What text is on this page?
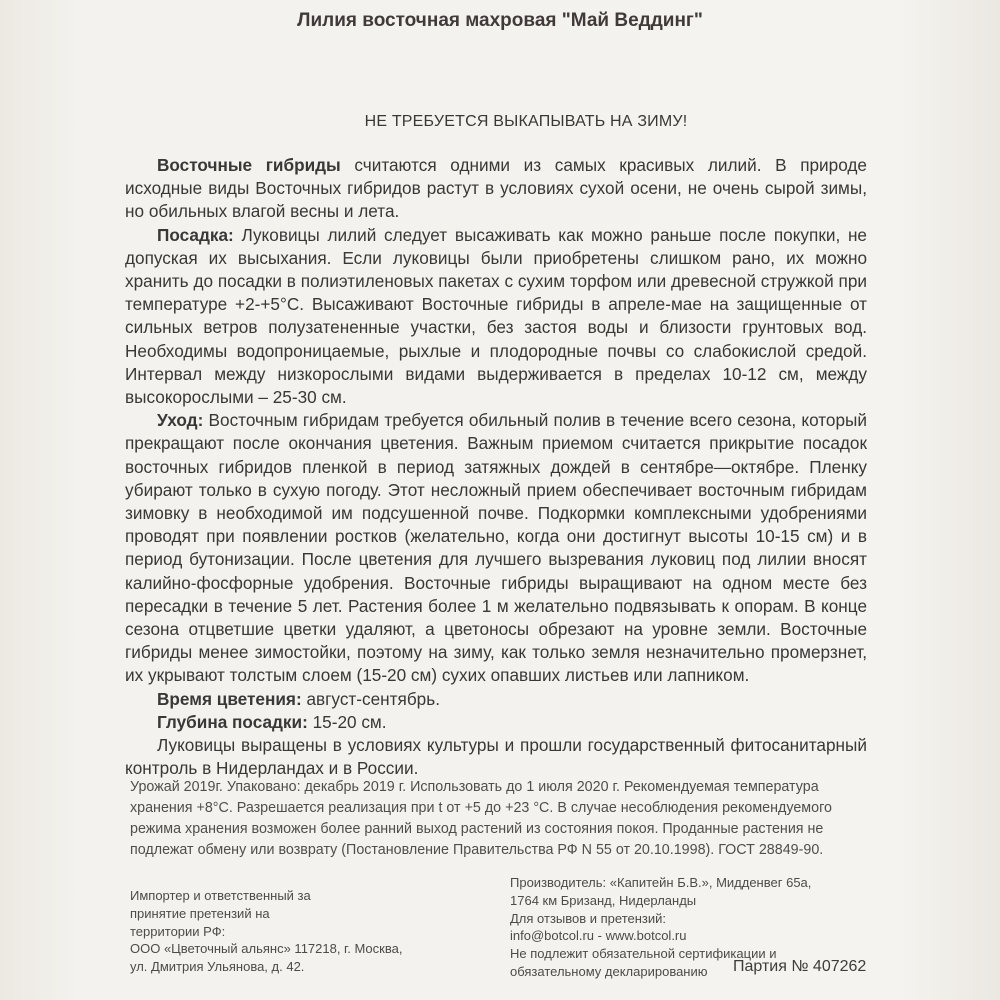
Лилия восточная махровая "Май Веддинг"
НЕ ТРЕБУЕТСЯ ВЫКАПЫВАТЬ НА ЗИМУ!

Восточные гибриды считаются одними из самых красивых лилий. В природе исходные виды Восточных гибридов растут в условиях сухой осени, не очень сырой зимы, но обильных влагой весны и лета.

Посадка: Луковицы лилий следует высаживать как можно раньше после покупки, не допуская их высыхания. Если луковицы были приобретены слишком рано, их можно хранить до посадки в полиэтиленовых пакетах с сухим торфом или древесной стружкой при температуре +2-+5°С. Высаживают Восточные гибриды в апреле-мае на защищенные от сильных ветров полузатененные участки, без застоя воды и близости грунтовых вод. Необходимы водопроницаемые, рыхлые и плодородные почвы со слабокислой средой. Интервал между низкорослыми видами выдерживается в пределах 10-12 см, между высокорослыми – 25-30 см.

Уход: Восточным гибридам требуется обильный полив в течение всего сезона, который прекращают после окончания цветения. Важным приемом считается прикрытие посадок восточных гибридов пленкой в период затяжных дождей в сентябре—октябре. Пленку убирают только в сухую погоду. Этот несложный прием обеспечивает восточным гибридам зимовку в необходимой им подсушенной почве. Подкормки комплексными удобрениями проводят при появлении ростков (желательно, когда они достигнут высоты 10-15 см) и в период бутонизации. После цветения для лучшего вызревания луковиц под лилии вносят калийно-фосфорные удобрения. Восточные гибриды выращивают на одном месте без пересадки в течение 5 лет. Растения более 1 м желательно подвязывать к опорам. В конце сезона отцветшие цветки удаляют, а цветоносы обрезают на уровне земли. Восточные гибриды менее зимостойки, поэтому на зиму, как только земля незначительно промерзнет, их укрывают толстым слоем (15-20 см) сухих опавших листьев или лапником.

Время цветения: август-сентябрь.

Глубина посадки: 15-20 см.

Луковицы выращены в условиях культуры и прошли государственный фитосанитарный контроль в Нидерландах и в России.

Урожай 2019г. Упаковано: декабрь 2019 г. Использовать до 1 июля 2020 г. Рекомендуемая температура хранения +8°С. Разрешается реализация при t от +5 до +23 °С. В случае несоблюдения рекомендуемого режима хранения возможен более ранний выход растений из состояния покоя. Проданные растения не подлежат обмену или возврату (Постановление Правительства РФ N 55 от 20.10.1998). ГОСТ 28849-90.
Импортер и ответственный за
принятие претензий на
территории РФ:
ООО «Цветочный альянс» 117218, г. Москва,
ул. Дмитрия Ульянова, д. 42.
Производитель: «Капитейн Б.В.», Мидденвег 65а,
1764 км Бризанд, Нидерланды
Для отзывов и претензий:
info@botcol.ru - www.botcol.ru
Не подлежит обязательной сертификации и
обязательному декларированию	Партия № 407262
